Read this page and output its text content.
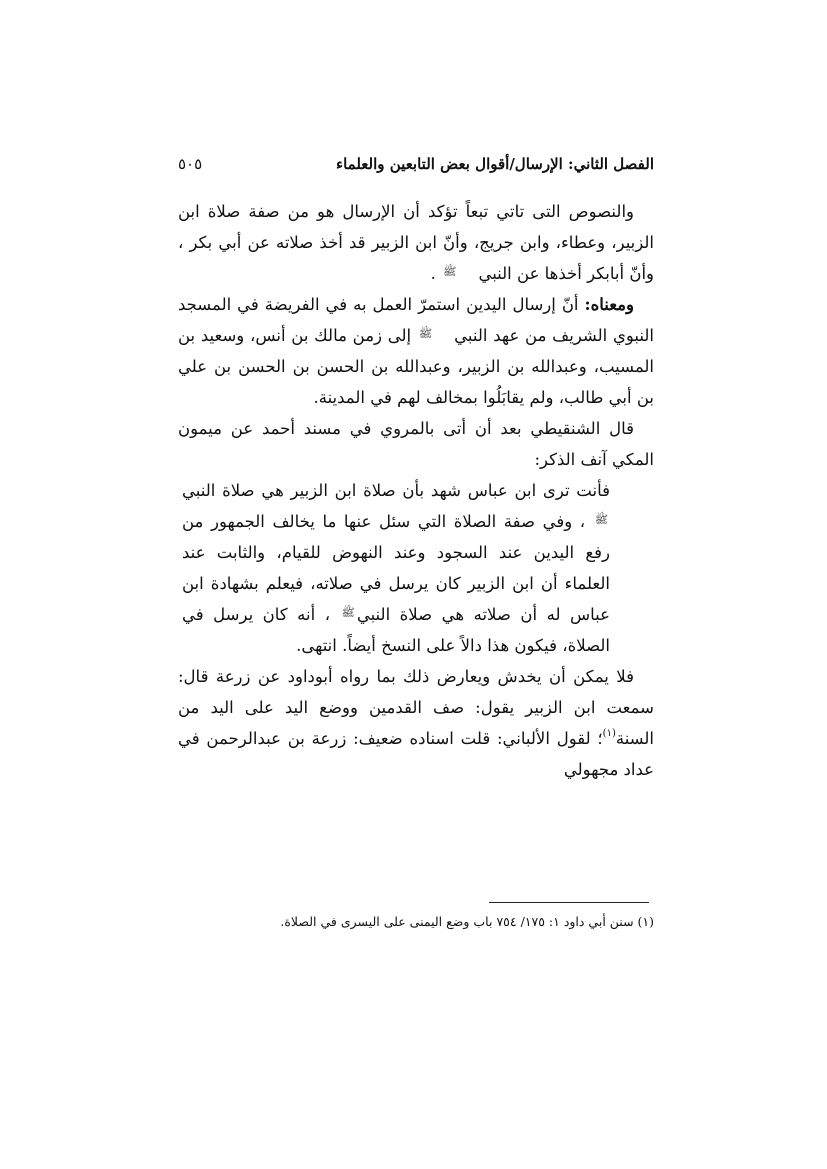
الفصل الثاني: الإرسال/أقوال بعض التابعين والعلماء
٥٠٥

والنصوص التى تاتي تبعاً تؤكد أن الإرسال هو من صفة صلاة ابن الزبير، وعطاء، وابن جريج، وأنّ ابن الزبير قد أخذ صلاته عن أبي بكر ، وأنّ أبابكر أخذها عن النبيﷺ .

ومعناه: أنّ إرسال اليدين استمرّ العمل به في الفريضة في المسجد النبوي الشريف من عهد النبيﷺ إلى زمن مالك بن أنس، وسعيد بن المسيب، وعبدالله بن الزبير، وعبدالله بن الحسن بن الحسن بن علي بن أبي طالب، ولم يقابَلُوا بمخالف لهم في المدينة.

قال الشنقيطي بعد أن أتى بالمروي في مسند أحمد عن ميمون المكي آنف الذكر:

فأنت ترى ابن عباس شهد بأن صلاة ابن الزبير هي صلاة النبيﷺ ، وفي صفة الصلاة التي سئل عنها ما يخالف الجمهور من رفع اليدين عند السجود وعند النهوض للقيام، والثابت عند العلماء أن ابن الزبير كان يرسل في صلاته، فيعلم بشهادة ابن عباس له أن صلاته هي صلاة النبيﷺ ، أنه كان يرسل في الصلاة، فيكون هذا دالاً على النسخ أيضاً. انتهى.

فلا يمكن أن يخدش ويعارض ذلك بما رواه أبوداود عن زرعة قال: سمعت ابن الزبير يقول: صف القدمين ووضع اليد على اليد من السنة$^{(١)}$؛ لقول الألباني: قلت اسناده ضعيف: زرعة بن عبدالرحمن في عداد مجهولي

(١) سنن أبي داود ١: ١٧٥/ ٧٥٤ باب وضع اليمنى على اليسرى في الصلاة.
